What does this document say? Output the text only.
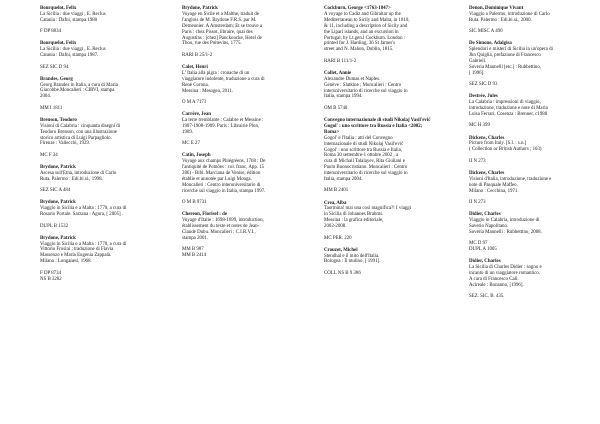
Bourquelot, Felix
La Sicilia : due viaggi , E. Reclus
Catania : Dafni, stampa 1980
F DP 8834
Bourquelot, Felix
La Sicilia : due viaggi , E. Reclus
Catania : Dafni, stampa 1987.
SEZ SIC D 94
Brandes, Georg
Georg Brandes in Italia, a cura di Maria
Giacobbe.Moncalieri : CIRVI, stampa
2004.
MM I 1811
Brenson, Teodoro
Visioni di Calabria : cinquanta disegni di
Teodoro Brenson, con una illustrazione
storico artistica di Luigi Parpagliolo.
Firenze : Vallecchi, 1929.
MC F 34
Brydone, Patrick
Ascesa sull'Etna, introduzione di Carlo
Ruta. Palermo : Edi.bi.si., 1998.
SEZ SIC A 484
Brydone, Patrick
Viaggio in Sicilia e a Malta : 1770, a cura di
Rosario Portale. Sarzana : Agora, [ 2005] .
DUPL B 1532
Brydone, Patrick
Viaggio in Sicilia e a Malta : 1770, a cura di
Vittorio Frosini ; traduzione di Flavia
Massenzo e Maria Eugenia Zappalà.
Milano : Longanesi, 1968.
F DP 8734
NS B 3282
Brydone, Patrick
Voyage en Sicile et a Malthe, traduit de
l'anglois de M. Brydone F.R.S. par M.
Demeunier. A Amsterdam; Et se trouve a
Paris : chez Pissot, libraire, quai des
Augustins : [chez] Panckoucke, Hotel de
Thou, rue des Poitevins, 1775.
RARI B 25/1-2
Calet, Henri
L' Italia alla pigra : cronache di un
viaggiatore indolente, traduzione a cura di
Renè Corona.
Messina : Mesogea, 2011.
O M A 7173
Carrère, Jean
La terre tremblante : Calabre et Messine :
1907-1908-1909. Paris : Librairie Plon,
1909.
MC E 27
Catin, Joseph
Voyage aux champs Phlégréens, 1768 : De
l'antiquité de Pomões : col. franc, App. 15
286) - Bibl. Marciana de Venise, édition
établie et annotée par Luigi Monga.
Moncalieri : Centro interuniversitario di
ricerche sul viaggio in Italia, stampa 1997.
O M B 9731
Chereon, Florisel : de
Voyage d'Italie : 1698-1699, introduction,
établissement du texte et notes de Jean-
Claude Dubu. Moncalieri : C.I.R.V.I.,
stampa 2001.
MM B 987
MM B 2414
Cockburn, George <1763-1847>
A voyage to Cadiz and Gibraltar up the
Mediterranean to Sicily and Malta, in 1810,
& 11, including a description of Sicily and
the Lipari islands, and an excursion in
Portugal, by Lt.gen.l Cockburn. London :
printed for J. Harding, 36 St James's
street and N. Mahon, Dublin, 1815.
RARI B 111/1-2
Collet, Annie
Alexandre Dumas et Naples.
Genève : Slatkine ; Moncalieri : Centro
interuniversitario di ricerche sul viaggio in
Italia, stampa 1994.
OM B 5740
Convegno internazionale di studi Nikolaj Vasil'evič Gogol' : uno scrittore tra Russia e Italia <2002; Roma>
Gogol' e l'Italia : atti del Convegno
internazionale di studi Nikolaj Vasil'evič
Gogol' : uno scrittore tra Russia e Italia,
Roma 30 settembre-1 ottobre 2002 , a
cura di Michail Talalayev, Rita Giuliani e
Paolo Buonocristiano. Moncalieri : Centro
interuniversitario di ricerche sul viaggio in
Italia, stampa 2004.
MM B 2401
Crea, Alba
Taormina! mai una così magnifica?! I viaggi
in Sicilia di Johannes Brahms.
Messina : la grafica editoriale,
2002-2008.
MC PER. 220
Crouzet, Michel
Stendhal e il mito dell'Italia.
Bologna : Il mulino, [ 1991].
COLL NS B 9 386
Denon, Dominique Vivant
Viaggio a Palermo, introduzione di Carlo
Ruta. Palermo : Edi.bi.si., 2000.
SIC MISC A 490
De Simone, Adalgisa
Splendori e misteri di Sicilia in un'opera di
Jhn Quiglia, prefazione di Francesco
Gabrieli.
Soveria Mannelli [etc.] : Rubbettino,
[ 1996].
SEZ SIC D 93
Destrée, Jules
La Calabria : impressioni di viaggio,
introduzione, traduzione e note di Maria
Luisa Ferrari. Cosenza : Brenner, c1988
MC H 399
Dickens, Charles
Picture from Italy. [S.l. : s.n.]
( Collection or British Authors ; 103)
II N 273
Dickens, Charles
Visioni d'Italia, introduzione, traduzione e
note di Pasquale Maffeo.
Milano : Cecchina, 1971.
II N 273
Didier, Charles
Viaggio in Calabria, introduzione di
Saverio Napolitano.
Soveria Mannelli : Rubbettino, 2008.
MC D 97
DUPL A 1005
Didier, Charles
La Sicilia di Charles Didier : sogno e
incanto di un viaggiatore romantico.
A cura di Francesco Calì.
Acireale : Bonanno, [1996].
SEZ. SIC. B. 435.
